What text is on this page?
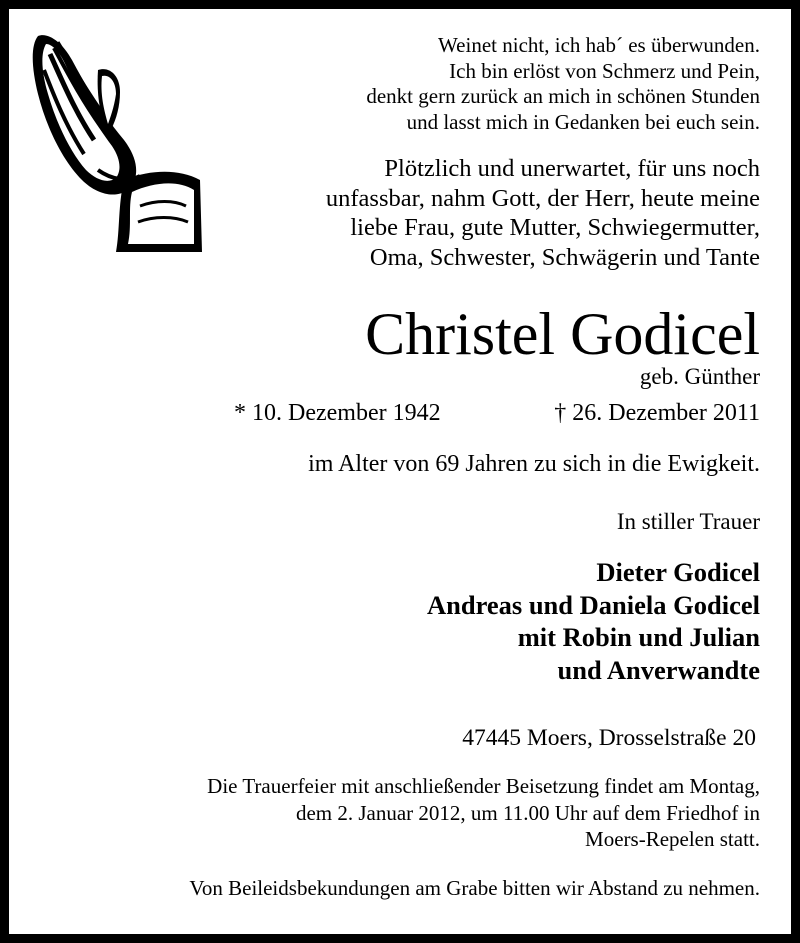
Weinet nicht, ich hab´ es überwunden.
Ich bin erlöst von Schmerz und Pein,
denkt gern zurück an mich in schönen Stunden
und lasst mich in Gedanken bei euch sein.
Plötzlich und unerwartet, für uns noch
unfassbar, nahm Gott, der Herr, heute meine
liebe Frau, gute Mutter, Schwiegermutter,
Oma, Schwester, Schwägerin und Tante
Christel Godicel
geb. Günther
* 10. Dezember 1942	† 26. Dezember 2011
im Alter von 69 Jahren zu sich in die Ewigkeit.
In stiller Trauer
Dieter Godicel
Andreas und Daniela Godicel
mit Robin und Julian
und Anverwandte
47445 Moers, Drosselstraße 20
Die Trauerfeier mit anschließender Beisetzung findet am Montag,
dem 2. Januar 2012, um 11.00 Uhr auf dem Friedhof in
Moers-Repelen statt.
Von Beileidsbekundungen am Grabe bitten wir Abstand zu nehmen.
